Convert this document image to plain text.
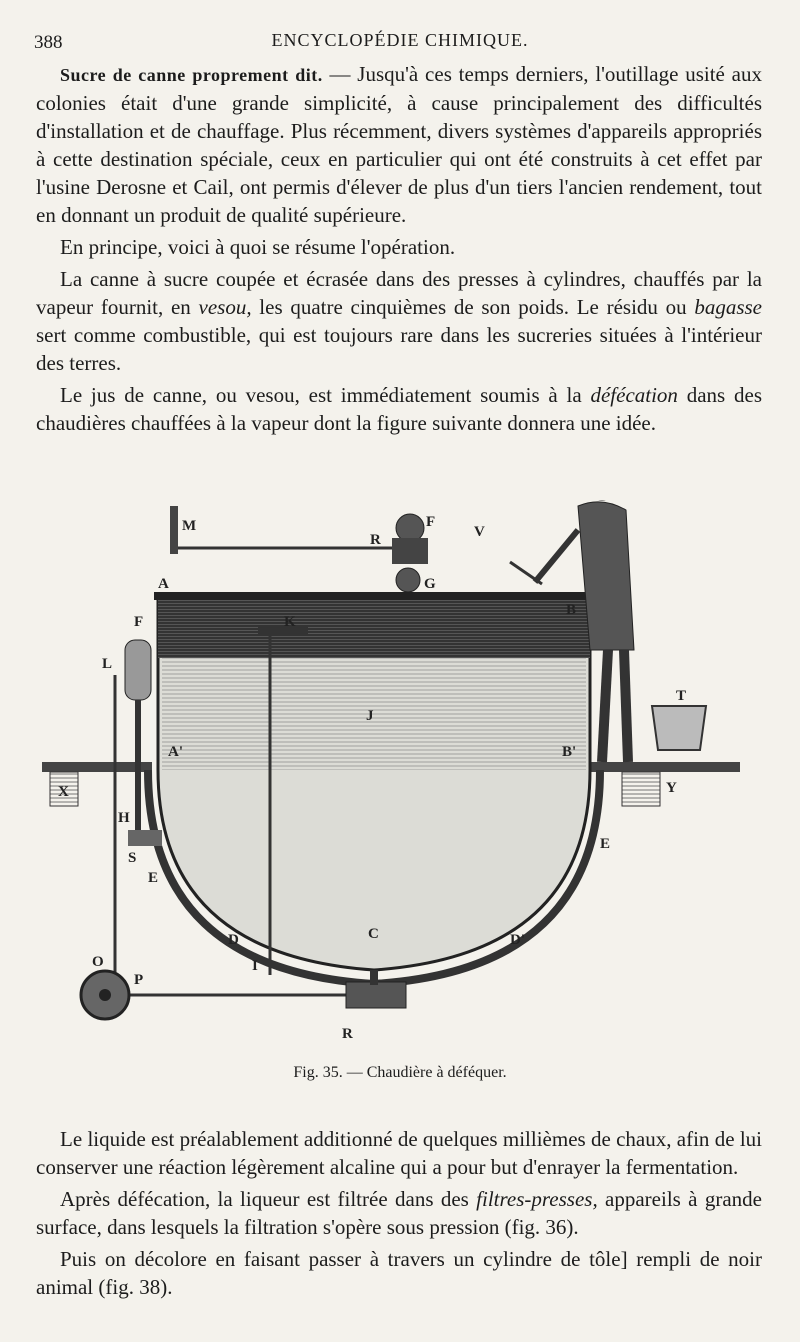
388	ENCYCLOPÉDIE CHIMIQUE.

Sucre de canne proprement dit. — Jusqu'à ces temps derniers, l'outillage usité aux colonies était d'une grande simplicité, à cause principalement des difficultés d'installation et de chauffage. Plus récemment, divers systèmes d'appareils appropriés à cette destination spéciale, ceux en particulier qui ont été construits à cet effet par l'usine Derosne et Cail, ont permis d'élever de plus d'un tiers l'ancien rendement, tout en donnant un produit de qualité supérieure.

En principe, voici à quoi se résume l'opération.

La canne à sucre coupée et écrasée dans des presses à cylindres, chauffés par la vapeur fournit, en vesou, les quatre cinquièmes de son poids. Le résidu ou bagasse sert comme combustible, qui est toujours rare dans les sucreries situées à l'intérieur des terres.

Le jus de canne, ou vesou, est immédiatement soumis à la défécation dans des chaudières chauffées à la vapeur dont la figure suivante donnera une idée.

M
R
F
G
V
A
B
K
F
L
J
A'	B'
X	Y
T
H
S
E
E
D	D'
C
I
O
P
R
Fig. 35. — Chaudière à déféquer.

Le liquide est préalablement additionné de quelques millièmes de chaux, afin de lui conserver une réaction légèrement alcaline qui a pour but d'enrayer la fermentation.

Après défécation, la liqueur est filtrée dans des filtres-presses, appareils à grande surface, dans lesquels la filtration s'opère sous pression (fig. 36).

Puis on décolore en faisant passer à travers un cylindre de tôle] rempli de noir animal (fig. 38).
